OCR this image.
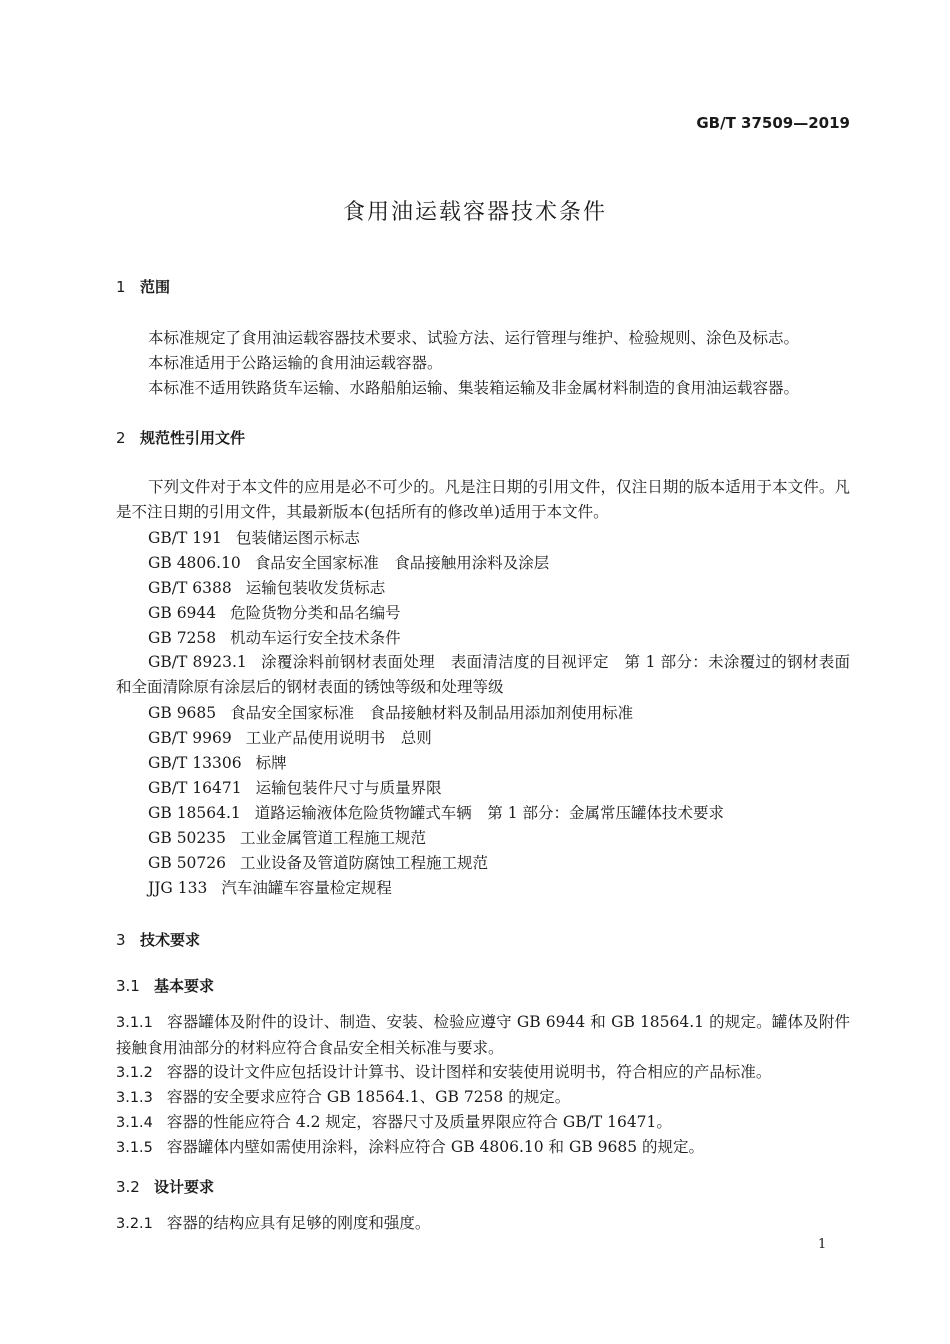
GB/T 37509—2019
食用油运载容器技术条件
1 范围
本标准规定了食用油运载容器技术要求、试验方法、运行管理与维护、检验规则、涂色及标志。
本标准适用于公路运输的食用油运载容器。
本标准不适用铁路货车运输、水路船舶运输、集装箱运输及非金属材料制造的食用油运载容器。
2 规范性引用文件
下列文件对于本文件的应用是必不可少的。凡是注日期的引用文件，仅注日期的版本适用于本文件。凡是不注日期的引用文件，其最新版本(包括所有的修改单)适用于本文件。
GB/T 191 包装储运图示标志
GB 4806.10 食品安全国家标准　食品接触用涂料及涂层
GB/T 6388 运输包装收发货标志
GB 6944 危险货物分类和品名编号
GB 7258 机动车运行安全技术条件
GB/T 8923.1 涂覆涂料前钢材表面处理　表面清洁度的目视评定　第 1 部分：未涂覆过的钢材表面和全面清除原有涂层后的钢材表面的锈蚀等级和处理等级
GB 9685 食品安全国家标准　食品接触材料及制品用添加剂使用标准
GB/T 9969 工业产品使用说明书　总则
GB/T 13306 标牌
GB/T 16471 运输包装件尺寸与质量界限
GB 18564.1 道路运输液体危险货物罐式车辆　第 1 部分：金属常压罐体技术要求
GB 50235 工业金属管道工程施工规范
GB 50726 工业设备及管道防腐蚀工程施工规范
JJG 133 汽车油罐车容量检定规程
3 技术要求
3.1 基本要求
3.1.1 容器罐体及附件的设计、制造、安装、检验应遵守 GB 6944 和 GB 18564.1 的规定。罐体及附件接触食用油部分的材料应符合食品安全相关标准与要求。
3.1.2 容器的设计文件应包括设计计算书、设计图样和安装使用说明书，符合相应的产品标准。
3.1.3 容器的安全要求应符合 GB 18564.1、GB 7258 的规定。
3.1.4 容器的性能应符合 4.2 规定，容器尺寸及质量界限应符合 GB/T 16471。
3.1.5 容器罐体内壁如需使用涂料，涂料应符合 GB 4806.10 和 GB 9685 的规定。
3.2 设计要求
3.2.1 容器的结构应具有足够的刚度和强度。
1
